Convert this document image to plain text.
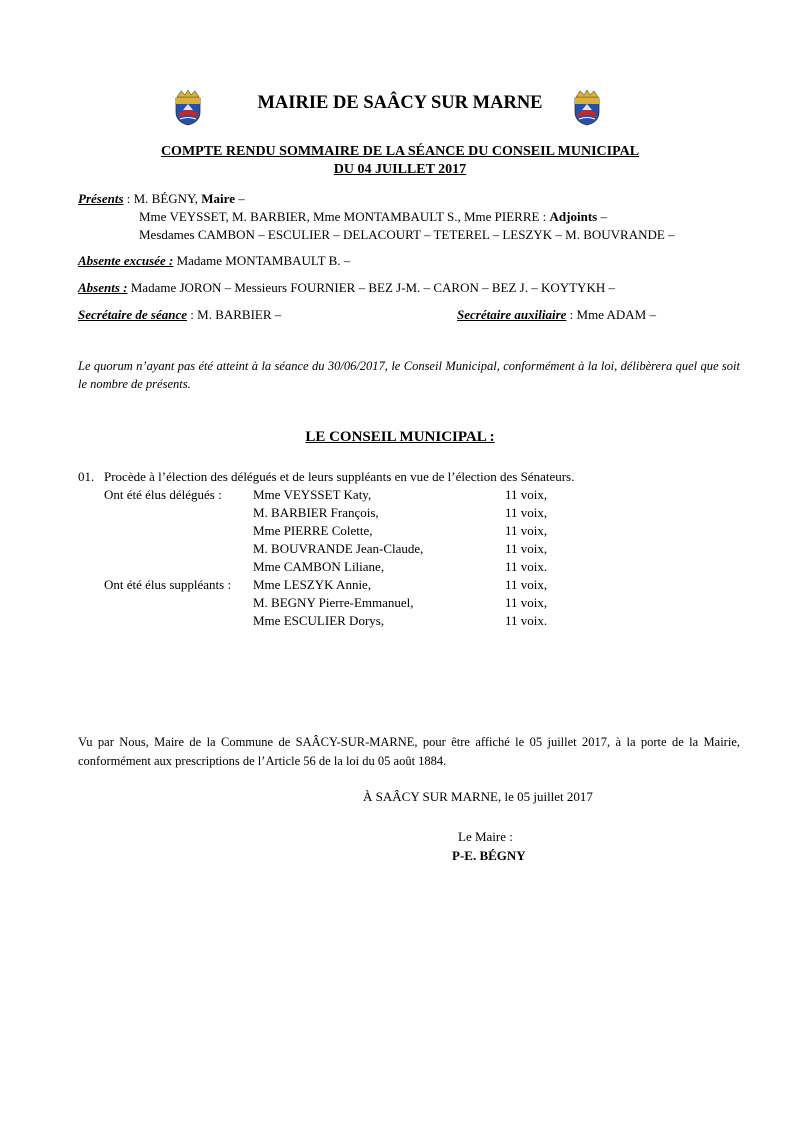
MAIRIE DE SAÂCY SUR MARNE
COMPTE RENDU SOMMAIRE DE LA SÉANCE DU CONSEIL MUNICIPAL
DU 04 JUILLET 2017
Présents : M. BÉGNY, Maire –
Mme VEYSSET, M. BARBIER, Mme MONTAMBAULT S., Mme PIERRE : Adjoints –
Mesdames CAMBON – ESCULIER – DELACOURT – TETEREL – LESZYK – M. BOUVRANDE –
Absente excusée : Madame MONTAMBAULT B. –
Absents : Madame JORON – Messieurs FOURNIER – BEZ J-M. – CARON – BEZ J. – KOYTYKH –
Secrétaire de séance : M. BARBIER –	Secrétaire auxiliaire : Mme ADAM –
Le quorum n’ayant pas été atteint à la séance du 30/06/2017, le Conseil Municipal, conformément à la loi, délibèrera quel que soit le nombre de présents.
LE CONSEIL MUNICIPAL :
01. Procède à l’élection des délégués et de leurs suppléants en vue de l’élection des Sénateurs.
Ont été élus délégués : Mme VEYSSET Katy,	11 voix,
M. BARBIER François,	11 voix,
Mme PIERRE Colette,	11 voix,
M. BOUVRANDE Jean-Claude,	11 voix,
Mme CAMBON Liliane,	11 voix.
Ont été élus suppléants : Mme LESZYK Annie,	11 voix,
M. BEGNY Pierre-Emmanuel,	11 voix,
Mme ESCULIER Dorys,	11 voix.
Vu par Nous, Maire de la Commune de SAÂCY-SUR-MARNE, pour être affiché le 05 juillet 2017, à la porte de la Mairie, conformément aux prescriptions de l’Article 56 de la loi du 05 août 1884.
À SAÂCY SUR MARNE, le 05 juillet 2017
Le Maire :
P-E. BÉGNY
